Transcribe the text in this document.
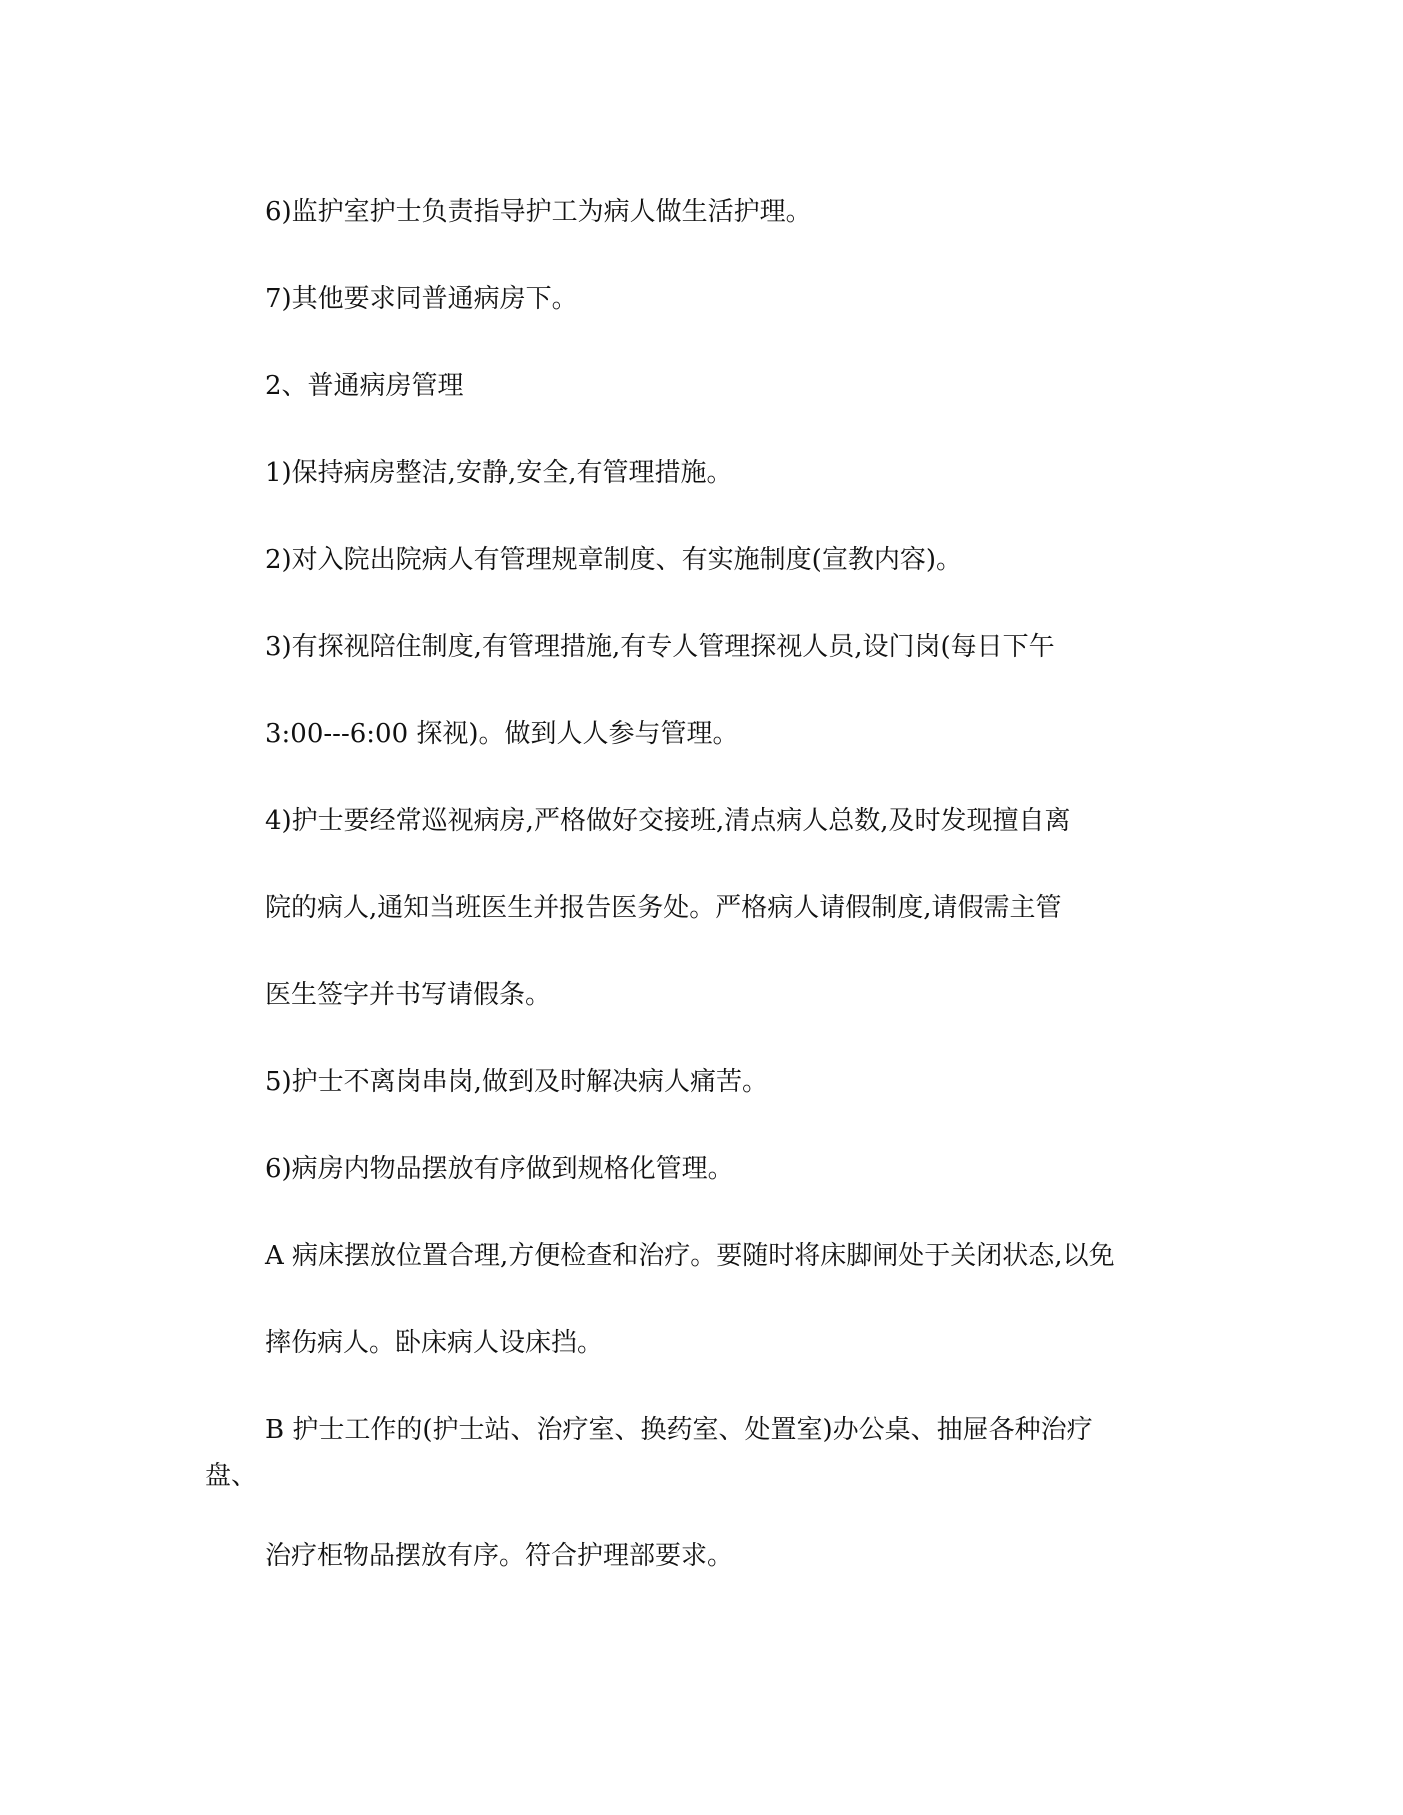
6)监护室护士负责指导护工为病人做生活护理。
7)其他要求同普通病房下。
2、普通病房管理
1)保持病房整洁,安静,安全,有管理措施。
2)对入院出院病人有管理规章制度、有实施制度(宣教内容)。
3)有探视陪住制度,有管理措施,有专人管理探视人员,设门岗(每日下午
3:00---6:00 探视)。做到人人参与管理。
4)护士要经常巡视病房,严格做好交接班,清点病人总数,及时发现擅自离
院的病人,通知当班医生并报告医务处。严格病人请假制度,请假需主管
医生签字并书写请假条。
5)护士不离岗串岗,做到及时解决病人痛苦。
6)病房内物品摆放有序做到规格化管理。
A 病床摆放位置合理,方便检查和治疗。要随时将床脚闸处于关闭状态,以免
摔伤病人。卧床病人设床挡。
B 护士工作的(护士站、治疗室、换药室、处置室)办公桌、抽屉各种治疗
盘、
治疗柜物品摆放有序。符合护理部要求。
